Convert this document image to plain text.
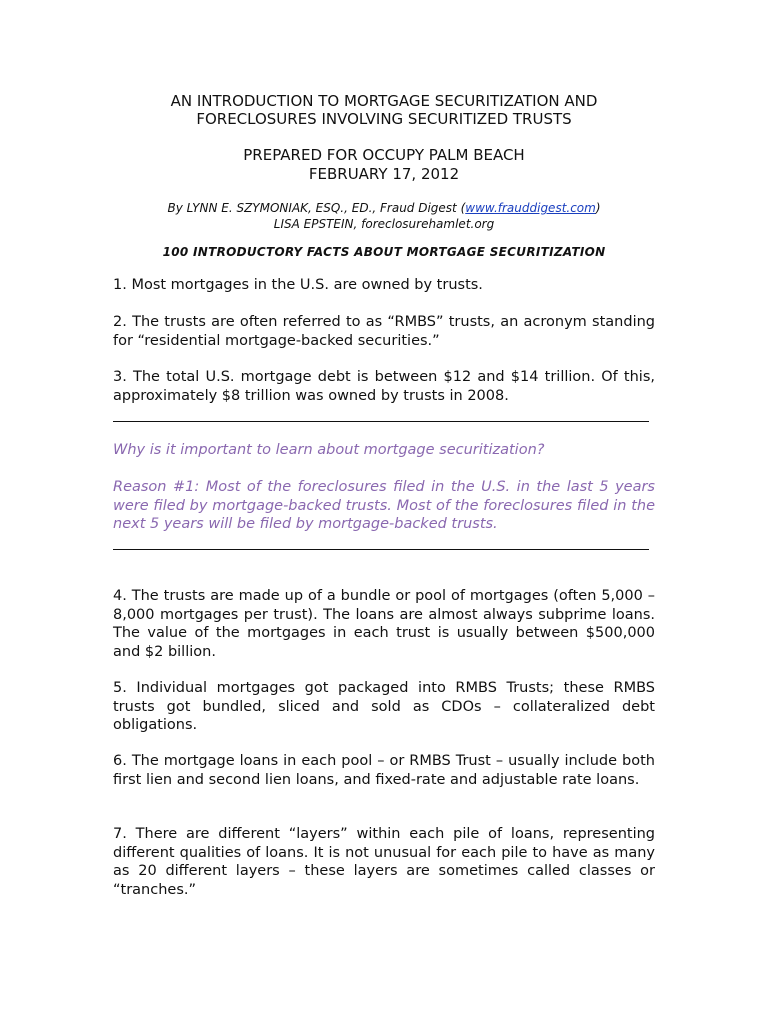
AN INTRODUCTION TO MORTGAGE SECURITIZATION AND

FORECLOSURES INVOLVING SECURITIZED TRUSTS

PREPARED FOR OCCUPY PALM BEACH

FEBRUARY 17, 2012

By LYNN E. SZYMONIAK, ESQ., ED., Fraud Digest (www.frauddigest.com)

LISA EPSTEIN, foreclosurehamlet.org

100 INTRODUCTORY FACTS ABOUT MORTGAGE SECURITIZATION

1. Most mortgages in the U.S. are owned by trusts.

2. The trusts are often referred to as “RMBS” trusts, an acronym standing for “residential mortgage-backed securities.”

3. The total U.S. mortgage debt is between $12 and $14 trillion. Of this, approximately $8 trillion was owned by trusts in 2008.

Why is it important to learn about mortgage securitization?

Reason #1: Most of the foreclosures filed in the U.S. in the last 5 years were filed by mortgage-backed trusts. Most of the foreclosures filed in the next 5 years will be filed by mortgage-backed trusts.

4. The trusts are made up of a bundle or pool of mortgages (often 5,000 – 8,000 mortgages per trust). The loans are almost always subprime loans. The value of the mortgages in each trust is usually between $500,000 and $2 billion.

5. Individual mortgages got packaged into RMBS Trusts; these RMBS trusts got bundled, sliced and sold as CDOs – collateralized debt obligations.

6. The mortgage loans in each pool – or RMBS Trust – usually include both first lien and second lien loans, and fixed-rate and adjustable rate loans.

7. There are different “layers” within each pile of loans, representing different qualities of loans. It is not unusual for each pile to have as many as 20 different layers – these layers are sometimes called classes or “tranches.”
